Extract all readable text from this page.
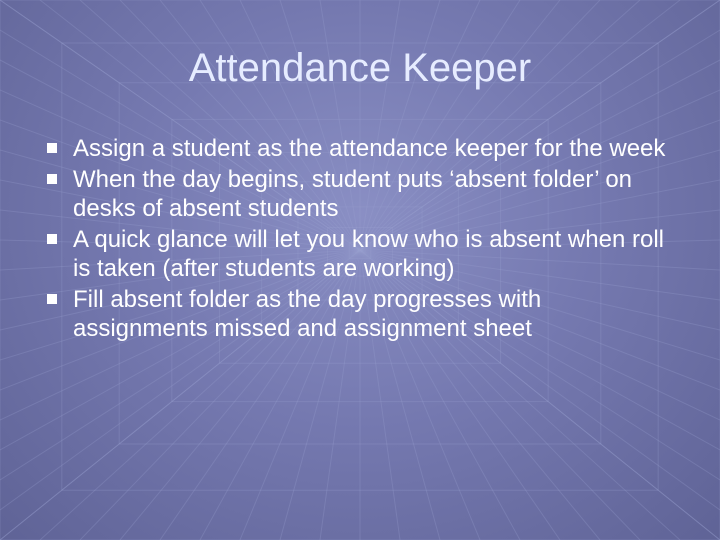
Attendance Keeper
Assign a student as the attendance keeper for the week
When the day begins, student puts ‘absent folder’ on desks of absent students
A quick glance will let you know who is absent when roll is taken (after students are working)
Fill absent folder as the day progresses with assignments missed and assignment sheet
